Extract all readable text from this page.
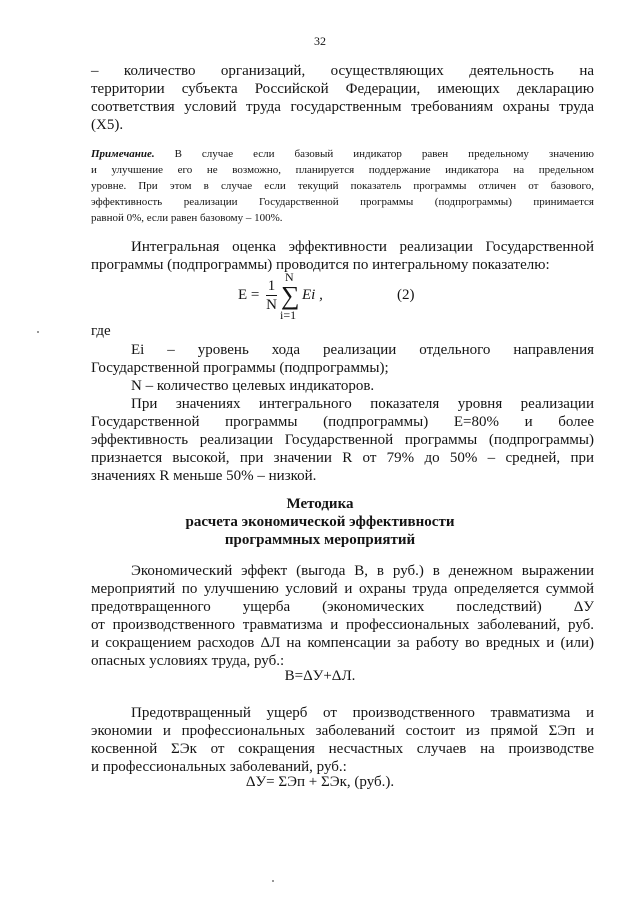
32
– количество организаций, осуществляющих деятельность на
территории субъекта Российской Федерации, имеющих декларацию
соответствия условий труда государственным требованиям охраны труда
(X5).
Примечание. В случае если базовый индикатор равен предельному значению
и улучшение его не возможно, планируется поддержание индикатора на предельном
уровне. При этом в случае если текущий показатель программы отличен от базового,
эффективность реализации Государственной программы (подпрограммы) принимается
равной 0%, если равен базовому – 100%.
Интегральная оценка эффективности реализации Государственной
программы (подпрограммы) проводится по интегральному показателю:
E =
1
N
N
∑
i=1
Ei ,	(2)
где
Ei – уровень хода реализации отдельного направления
Государственной программы (подпрограммы);
N – количество целевых индикаторов.
При значениях интегрального показателя уровня реализации
Государственной программы (подпрограммы) E=80% и более
эффективность реализации Государственной программы (подпрограммы)
признается высокой, при значении R от 79% до 50% – средней, при
значениях R меньше 50% – низкой.
Методика
расчета экономической эффективности
программных мероприятий
Экономический эффект (выгода В, в руб.) в денежном выражении
мероприятий по улучшению условий и охраны труда определяется суммой
предотвращенного ущерба (экономических последствий) ΔУ
от производственного травматизма и профессиональных заболеваний, руб.
и сокращением расходов ΔЛ на компенсации за работу во вредных и (или)
опасных условиях труда, руб.:
В=ΔУ+ΔЛ.
Предотвращенный ущерб от производственного травматизма и
экономии и профессиональных заболеваний состоит из прямой ΣЭп и
косвенной ΣЭк от сокращения несчастных случаев на производстве
и профессиональных заболеваний, руб.:
ΔУ= ΣЭп + ΣЭк, (руб.).
